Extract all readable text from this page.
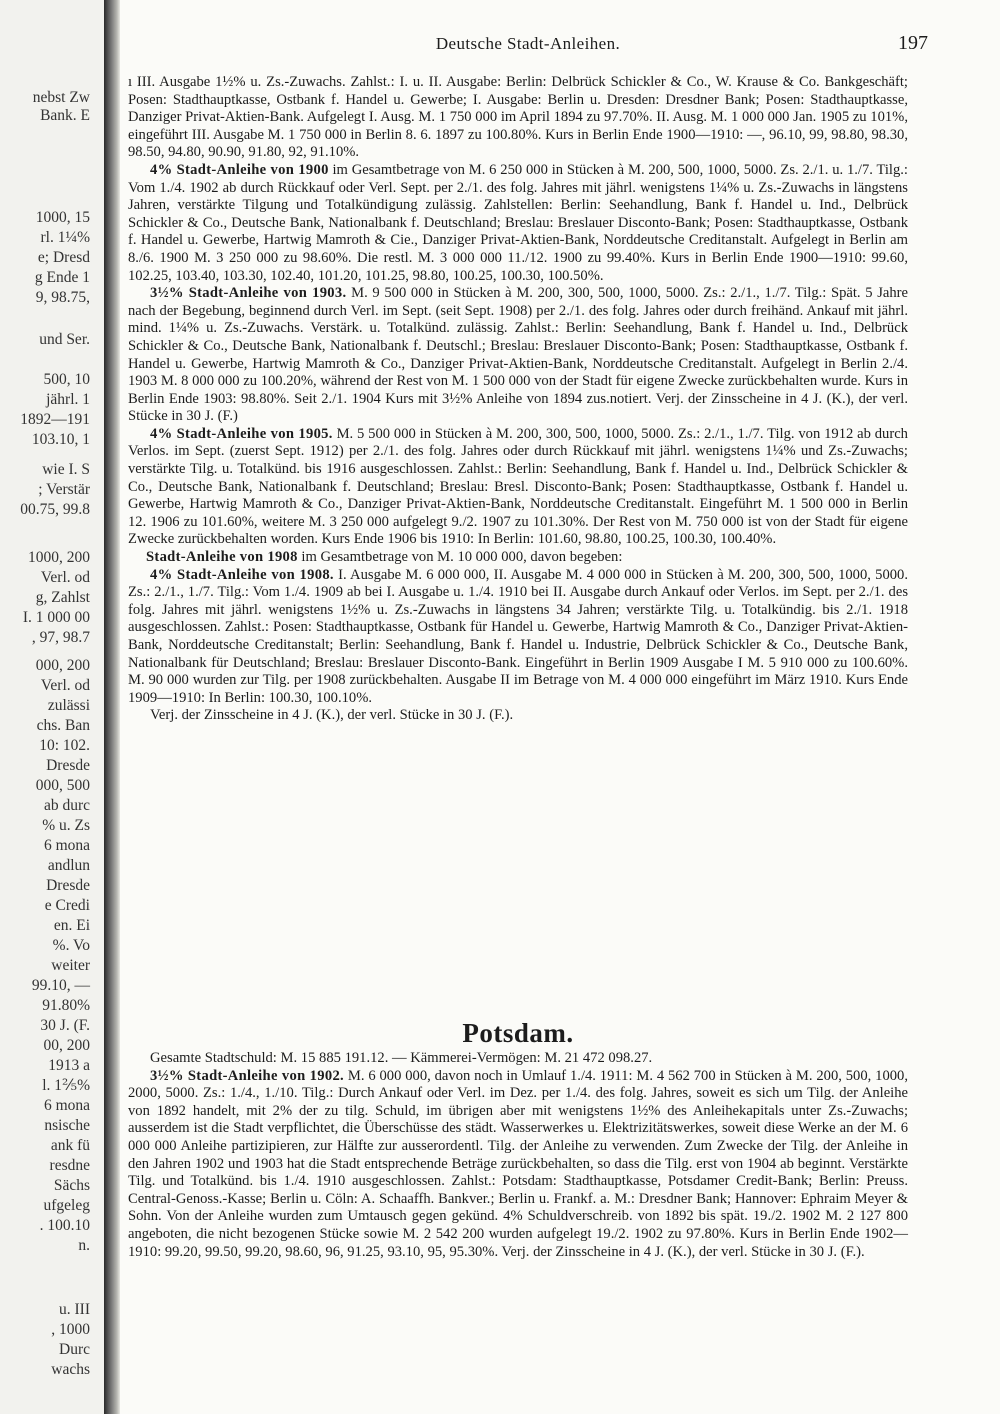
nebst Zw
Bank. E
1000, 15
rl. 1¼%
e; Dresd
g Ende 1
9, 98.75,
und Ser.
500, 10
jährl. 1
1892—191
103.10, 1
wie I. S
; Verstär
00.75, 99.8
1000, 200
Verl. od
g, Zahlst
I. 1 000 00
, 97, 98.7
000, 200
Verl. od
zulässi
chs. Ban
10: 102.
Dresde
000, 500
ab durc
% u. Zs
6 mona
andlun
Dresde
e Credi
en. Ei
%. Vo
weiter
99.10, —
91.80%
30 J. (F.
00, 200
1913 a
l. 1⅖%
6 mona
nsische
ank fü
resdne
Sächs
ufgeleg
. 100.10
n.
u. III
, 1000
Durc
wachs
Deutsche Stadt-Anleihen.	197

ı III. Ausgabe 1½% u. Zs.-Zuwachs. Zahlst.: I. u. II. Ausgabe: Berlin: Delbrück Schickler & Co., W. Krause & Co. Bankgeschäft; Posen: Stadthauptkasse, Ostbank f. Handel u. Gewerbe; I. Ausgabe: Berlin u. Dresden: Dresdner Bank; Posen: Stadthauptkasse, Danziger Privat-Aktien-Bank. Aufgelegt I. Ausg. M. 1 750 000 im April 1894 zu 97.70%. II. Ausg. M. 1 000 000 Jan. 1905 zu 101%, eingeführt III. Ausgabe M. 1 750 000 in Berlin 8. 6. 1897 zu 100.80%. Kurs in Berlin Ende 1900—1910: —, 96.10, 99, 98.80, 98.30, 98.50, 94.80, 90.90, 91.80, 92, 91.10%.

4% Stadt-Anleihe von 1900 im Gesamtbetrage von M. 6 250 000 in Stücken à M. 200, 500, 1000, 5000. Zs. 2./1. u. 1./7. Tilg.: Vom 1./4. 1902 ab durch Rückkauf oder Verl. Sept. per 2./1. des folg. Jahres mit jährl. wenigstens 1¼% u. Zs.-Zuwachs in längstens Jahren, verstärkte Tilgung und Totalkündigung zulässig. Zahlstellen: Berlin: Seehandlung, Bank f. Handel u. Ind., Delbrück Schickler & Co., Deutsche Bank, Nationalbank f. Deutschland; Breslau: Breslauer Disconto-Bank; Posen: Stadthauptkasse, Ostbank f. Handel u. Gewerbe, Hartwig Mamroth & Cie., Danziger Privat-Aktien-Bank, Norddeutsche Creditanstalt. Aufgelegt in Berlin am 8./6. 1900 M. 3 250 000 zu 98.60%. Die restl. M. 3 000 000 11./12. 1900 zu 99.40%. Kurs in Berlin Ende 1900—1910: 99.60, 102.25, 103.40, 103.30, 102.40, 101.20, 101.25, 98.80, 100.25, 100.30, 100.50%.

3½% Stadt-Anleihe von 1903. M. 9 500 000 in Stücken à M. 200, 300, 500, 1000, 5000. Zs.: 2./1., 1./7. Tilg.: Spät. 5 Jahre nach der Begebung, beginnend durch Verl. im Sept. (seit Sept. 1908) per 2./1. des folg. Jahres oder durch freihänd. Ankauf mit jährl. mind. 1¼% u. Zs.-Zuwachs. Verstärk. u. Totalkünd. zulässig. Zahlst.: Berlin: Seehandlung, Bank f. Handel u. Ind., Delbrück Schickler & Co., Deutsche Bank, Nationalbank f. Deutschl.; Breslau: Breslauer Disconto-Bank; Posen: Stadthauptkasse, Ostbank f. Handel u. Gewerbe, Hartwig Mamroth & Co., Danziger Privat-Aktien-Bank, Norddeutsche Creditanstalt. Aufgelegt in Berlin 2./4. 1903 M. 8 000 000 zu 100.20%, während der Rest von M. 1 500 000 von der Stadt für eigene Zwecke zurückbehalten wurde. Kurs in Berlin Ende 1903: 98.80%. Seit 2./1. 1904 Kurs mit 3½% Anleihe von 1894 zus.notiert. Verj. der Zinsscheine in 4 J. (K.), der verl. Stücke in 30 J. (F.)

4% Stadt-Anleihe von 1905. M. 5 500 000 in Stücken à M. 200, 300, 500, 1000, 5000. Zs.: 2./1., 1./7. Tilg. von 1912 ab durch Verlos. im Sept. (zuerst Sept. 1912) per 2./1. des folg. Jahres oder durch Rückkauf mit jährl. wenigstens 1¼% und Zs.-Zuwachs; verstärkte Tilg. u. Totalkünd. bis 1916 ausgeschlossen. Zahlst.: Berlin: Seehandlung, Bank f. Handel u. Ind., Delbrück Schickler & Co., Deutsche Bank, Nationalbank f. Deutschland; Breslau: Bresl. Disconto-Bank; Posen: Stadthauptkasse, Ostbank f. Handel u. Gewerbe, Hartwig Mamroth & Co., Danziger Privat-Aktien-Bank, Norddeutsche Creditanstalt. Eingeführt M. 1 500 000 in Berlin 12. 1906 zu 101.60%, weitere M. 3 250 000 aufgelegt 9./2. 1907 zu 101.30%. Der Rest von M. 750 000 ist von der Stadt für eigene Zwecke zurückbehalten worden. Kurs Ende 1906 bis 1910: In Berlin: 101.60, 98.80, 100.25, 100.30, 100.40%.

Stadt-Anleihe von 1908 im Gesamtbetrage von M. 10 000 000, davon begeben:

4% Stadt-Anleihe von 1908. I. Ausgabe M. 6 000 000, II. Ausgabe M. 4 000 000 in Stücken à M. 200, 300, 500, 1000, 5000. Zs.: 2./1., 1./7. Tilg.: Vom 1./4. 1909 ab bei I. Ausgabe u. 1./4. 1910 bei II. Ausgabe durch Ankauf oder Verlos. im Sept. per 2./1. des folg. Jahres mit jährl. wenigstens 1½% u. Zs.-Zuwachs in längstens 34 Jahren; verstärkte Tilg. u. Totalkündig. bis 2./1. 1918 ausgeschlossen. Zahlst.: Posen: Stadthauptkasse, Ostbank für Handel u. Gewerbe, Hartwig Mamroth & Co., Danziger Privat-Aktien-Bank, Norddeutsche Creditanstalt; Berlin: Seehandlung, Bank f. Handel u. Industrie, Delbrück Schickler & Co., Deutsche Bank, Nationalbank für Deutschland; Breslau: Breslauer Disconto-Bank. Eingeführt in Berlin 1909 Ausgabe I M. 5 910 000 zu 100.60%. M. 90 000 wurden zur Tilg. per 1908 zurückbehalten. Ausgabe II im Betrage von M. 4 000 000 eingeführt im März 1910. Kurs Ende 1909—1910: In Berlin: 100.30, 100.10%.

Verj. der Zinsscheine in 4 J. (K.), der verl. Stücke in 30 J. (F.).

Potsdam.

Gesamte Stadtschuld: M. 15 885 191.12. — Kämmerei-Vermögen: M. 21 472 098.27.

3½% Stadt-Anleihe von 1902. M. 6 000 000, davon noch in Umlauf 1./4. 1911: M. 4 562 700 in Stücken à M. 200, 500, 1000, 2000, 5000. Zs.: 1./4., 1./10. Tilg.: Durch Ankauf oder Verl. im Dez. per 1./4. des folg. Jahres, soweit es sich um Tilg. der Anleihe von 1892 handelt, mit 2% der zu tilg. Schuld, im übrigen aber mit wenigstens 1½% des Anleihekapitals unter Zs.-Zuwachs; ausserdem ist die Stadt verpflichtet, die Überschüsse des städt. Wasserwerkes u. Elektrizitätswerkes, soweit diese Werke an der M. 6 000 000 Anleihe partizipieren, zur Hälfte zur ausserordentl. Tilg. der Anleihe zu verwenden. Zum Zwecke der Tilg. der Anleihe in den Jahren 1902 und 1903 hat die Stadt entsprechende Beträge zurückbehalten, so dass die Tilg. erst von 1904 ab beginnt. Verstärkte Tilg. und Totalkünd. bis 1./4. 1910 ausgeschlossen. Zahlst.: Potsdam: Stadthauptkasse, Potsdamer Credit-Bank; Berlin: Preuss. Central-Genoss.-Kasse; Berlin u. Cöln: A. Schaaffh. Bankver.; Berlin u. Frankf. a. M.: Dresdner Bank; Hannover: Ephraim Meyer & Sohn. Von der Anleihe wurden zum Umtausch gegen gekünd. 4% Schuldverschreib. von 1892 bis spät. 19./2. 1902 M. 2 127 800 angeboten, die nicht bezogenen Stücke sowie M. 2 542 200 wurden aufgelegt 19./2. 1902 zu 97.80%. Kurs in Berlin Ende 1902—1910: 99.20, 99.50, 99.20, 98.60, 96, 91.25, 93.10, 95, 95.30%. Verj. der Zinsscheine in 4 J. (K.), der verl. Stücke in 30 J. (F.).
